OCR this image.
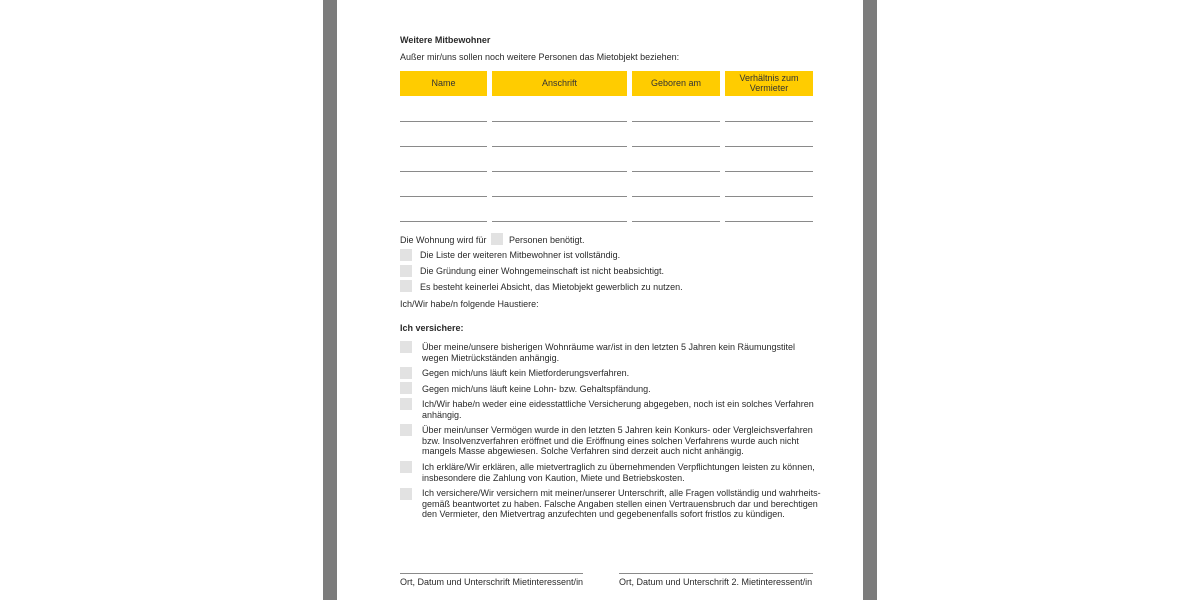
Weitere Mitbewohner
Außer mir/uns sollen noch weitere Personen das Mietobjekt beziehen:
Name	Anschrift	Geboren am	Verhältnis zum
Vermieter
Die Wohnung wird für	Personen benötigt.
Die Liste der weiteren Mitbewohner ist vollständig.
Die Gründung einer Wohngemeinschaft ist nicht beabsichtigt.
Es besteht keinerlei Absicht, das Mietobjekt gewerblich zu nutzen.
Ich/Wir habe/n folgende Haustiere:
Ich versichere:
Über meine/unsere bisherigen Wohnräume war/ist in den letzten 5 Jahren kein Räumungstitel
wegen Mietrückständen anhängig.
Gegen mich/uns läuft kein Mietforderungsverfahren.
Gegen mich/uns läuft keine Lohn- bzw. Gehaltspfändung.
Ich/Wir habe/n weder eine eidesstattliche Versicherung abgegeben, noch ist ein solches Verfahren
anhängig.
Über mein/unser Vermögen wurde in den letzten 5 Jahren kein Konkurs- oder Vergleichsverfahren
bzw. Insolvenzverfahren eröffnet und die Eröffnung eines solchen Verfahrens wurde auch nicht
mangels Masse abgewiesen. Solche Verfahren sind derzeit auch nicht anhängig.
Ich erkläre/Wir erklären, alle mietvertraglich zu übernehmenden Verpflichtungen leisten zu können,
insbesondere die Zahlung von Kaution, Miete und Betriebskosten.
Ich versichere/Wir versichern mit meiner/unserer Unterschrift, alle Fragen vollständig und wahrheits-
gemäß beantwortet zu haben. Falsche Angaben stellen einen Vertrauensbruch dar und berechtigen
den Vermieter, den Mietvertrag anzufechten und gegebenenfalls sofort fristlos zu kündigen.
Ort, Datum und Unterschrift Mietinteressent/in	Ort, Datum und Unterschrift 2. Mietinteressent/in
